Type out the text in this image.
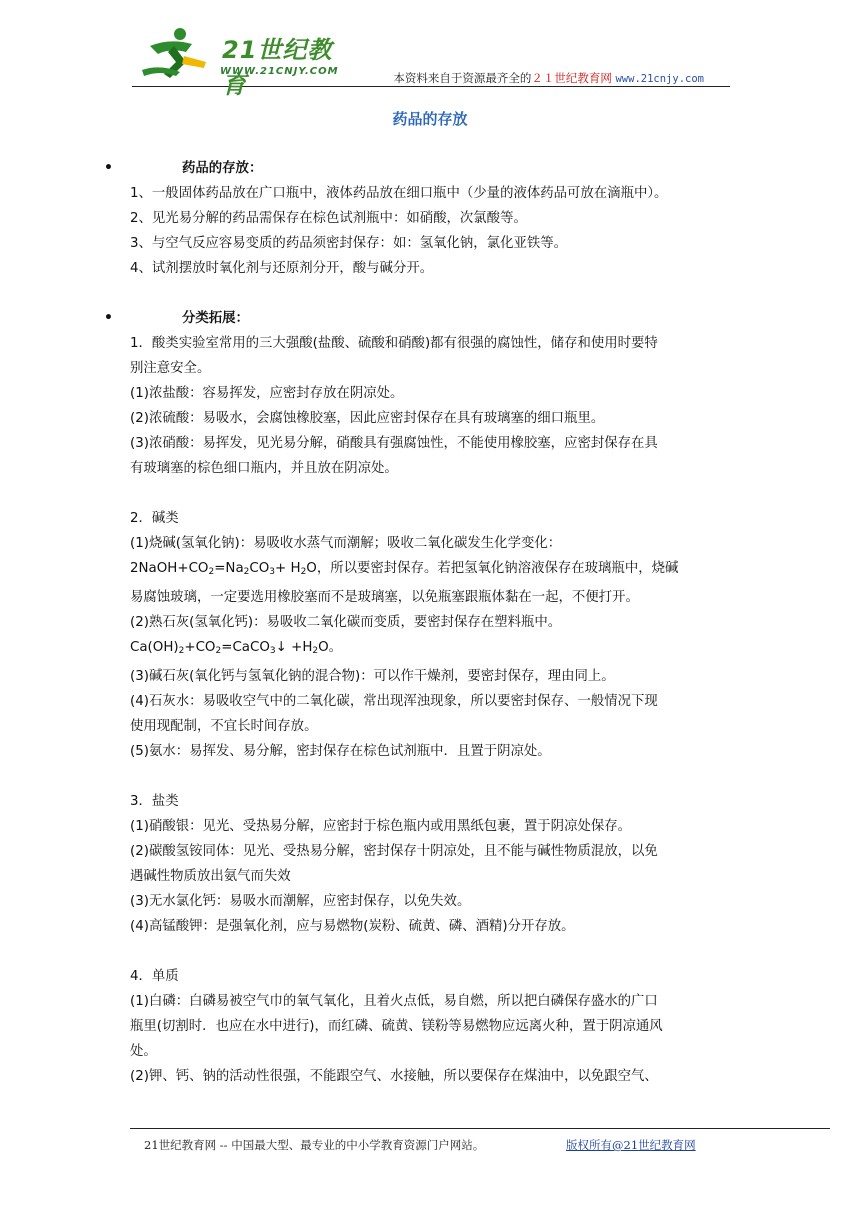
21世纪教育
WWW.21CNJY.COM	本资料来自于资源最齐全的２１世纪教育网 www.21cnjy.com
药品的存放
•	药品的存放：
1、一般固体药品放在广口瓶中，液体药品放在细口瓶中（少量的液体药品可放在滴瓶中）。
2、见光易分解的药品需保存在棕色试剂瓶中：如硝酸，次氯酸等。
3、与空气反应容易变质的药品须密封保存：如：氢氧化钠，氯化亚铁等。
4、试剂摆放时氧化剂与还原剂分开，酸与碱分开。
•	分类拓展：
1．酸类实验室常用的三大强酸(盐酸、硫酸和硝酸)都有很强的腐蚀性，储存和使用时要特
别注意安全。
(1)浓盐酸：容易挥发，应密封存放在阴凉处。
(2)浓硫酸：易吸水，会腐蚀橡胶塞，因此应密封保存在具有玻璃塞的细口瓶里。
(3)浓硝酸：易挥发，见光易分解，硝酸具有强腐蚀性，不能使用橡胶塞，应密封保存在具
有玻璃塞的棕色细口瓶内，并且放在阴凉处。
2．碱类
(1)烧碱(氢氧化钠)：易吸收水蒸气而潮解；吸收二氧化碳发生化学变化：
$2NaOH+CO_2=Na_2CO_3+ H_2O$，所以要密封保存。若把氢氧化钠溶液保存在玻璃瓶中，烧碱
易腐蚀玻璃，一定要选用橡胶塞而不是玻璃塞，以免瓶塞跟瓶体黏在一起，不便打开。
(2)熟石灰(氢氧化钙)：易吸收二氧化碳而变质，要密封保存在塑料瓶中。
$Ca(OH)_2+CO_2=CaCO_3↓ +H_2O$。
(3)碱石灰(氧化钙与氢氧化钠的混合物)：可以作干燥剂，要密封保存，理由同上。
(4)石灰水：易吸收空气中的二氧化碳，常出现浑浊现象，所以要密封保存、一般情况下现
使用现配制，不宜长时间存放。
(5)氨水：易挥发、易分解，密封保存在棕色试剂瓶中．且置于阴凉处。
3．盐类
(1)硝酸银：见光、受热易分解，应密封于棕色瓶内或用黑纸包裹，置于阴凉处保存。
(2)碳酸氢铵同体：见光、受热易分解，密封保存十阴凉处，且不能与碱性物质混放，以免
遇碱性物质放出氨气而失效
(3)无水氯化钙：易吸水而潮解，应密封保存，以免失效。
(4)高锰酸钾：是强氧化剂，应与易燃物(炭粉、硫黄、磷、酒精)分开存放。
4．单质
(1)白磷：白磷易被空气巾的氧气氧化，且着火点低，易自燃，所以把白磷保存盛水的广口
瓶里(切割时．也应在水中进行)，而红磷、硫黄、镁粉等易燃物应远离火种，置于阴凉通风
处。
(2)钾、钙、钠的活动性很强，不能跟空气、水接触，所以要保存在煤油中，以免跟空气、
21世纪教育网 -- 中国最大型、最专业的中小学教育资源门户网站。	版权所有@21世纪教育网
